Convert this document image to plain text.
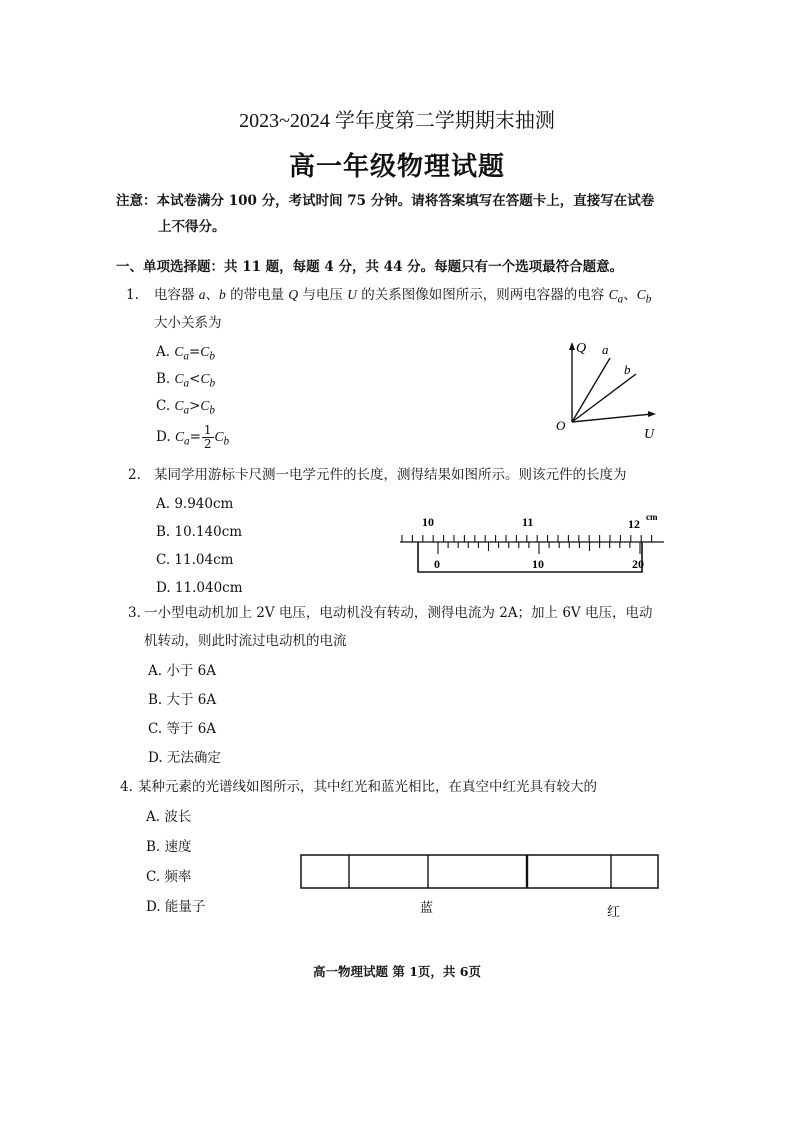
2023~2024 学年度第二学期期末抽测
高一年级物理试题
注意：本试卷满分 100 分，考试时间 75 分钟。请将答案填写在答题卡上，直接写在试卷
上不得分。
一、单项选择题：共 11 题，每题 4 分，共 44 分。每题只有一个选项最符合题意。
1. 电容器 a、b 的带电量 Q 与电压 U 的关系图像如图所示，则两电容器的电容 $C_a$、$C_b$
大小关系为
A. $C_a=C_b$
B. $C_a<C_b$
C. $C_a>C_b$
D. $C_a= \frac{1}{2} C_b$
Q a
b
O
U
2. 某同学用游标卡尺测一电学元件的长度，测得结果如图所示。则该元件的长度为
A. 9.940cm
B. 10.140cm
C. 11.04cm
D. 11.040cm
10	11	12 cm
0	10	20
3. 一小型电动机加上 2V 电压，电动机没有转动，测得电流为 2A；加上 6V 电压，电动
机转动，则此时流过电动机的电流
A. 小于 6A
B. 大于 6A
C. 等于 6A
D. 无法确定
4. 某种元素的光谱线如图所示，其中红光和蓝光相比，在真空中红光具有较大的
A. 波长
B. 速度
C. 频率
D. 能量子	蓝	红
高一物理试题 第 1页，共 6页
